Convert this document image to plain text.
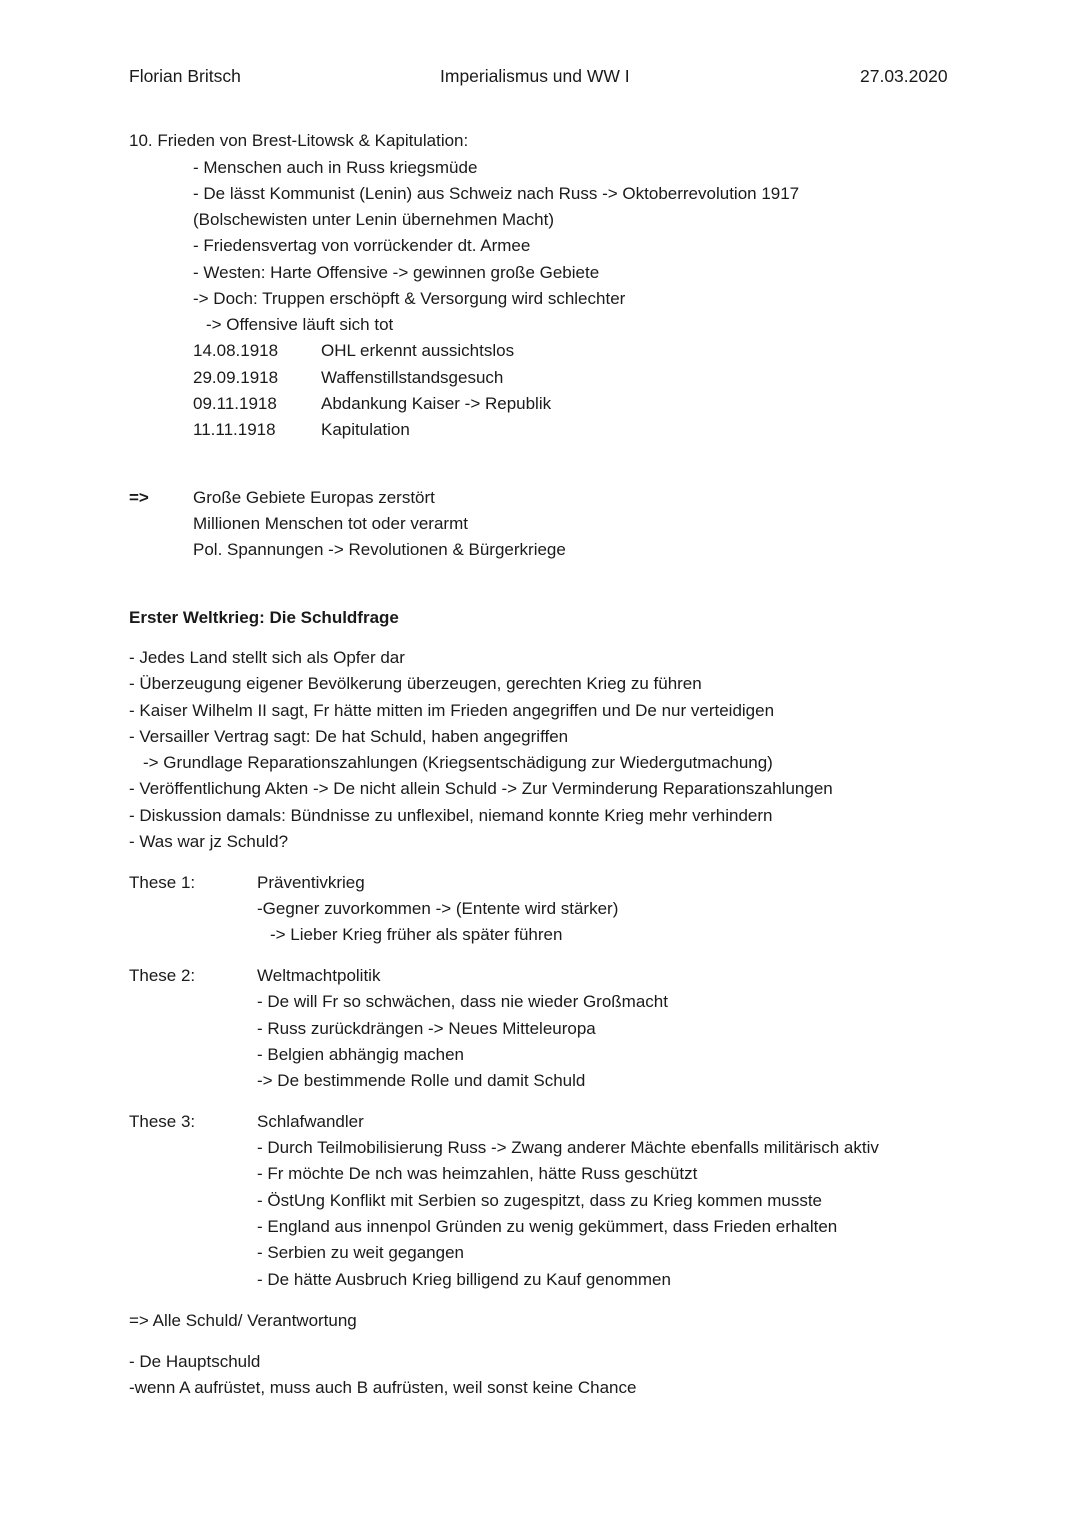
Florian Britsch	Imperialismus und WW I	27.03.2020
10. Frieden von Brest-Litowsk & Kapitulation:
- Menschen auch in Russ kriegsmüde
- De lässt Kommunist (Lenin) aus Schweiz nach Russ -> Oktoberrevolution 1917
(Bolschewisten unter Lenin übernehmen Macht)
- Friedensvertag von vorrückender dt. Armee
- Westen: Harte Offensive -> gewinnen große Gebiete
-> Doch: Truppen erschöpft & Versorgung wird schlechter
-> Offensive läuft sich tot
14.08.1918	OHL erkennt aussichtslos
29.09.1918	Waffenstillstandsgesuch
09.11.1918	Abdankung Kaiser -> Republik
11.11.1918	Kapitulation
=>	Große Gebiete Europas zerstört
Millionen Menschen tot oder verarmt
Pol. Spannungen -> Revolutionen & Bürgerkriege
Erster Weltkrieg: Die Schuldfrage
- Jedes Land stellt sich als Opfer dar
- Überzeugung eigener Bevölkerung überzeugen, gerechten Krieg zu führen
- Kaiser Wilhelm II sagt, Fr hätte mitten im Frieden angegriffen und De nur verteidigen
- Versailler Vertrag sagt: De hat Schuld, haben angegriffen
-> Grundlage Reparationszahlungen (Kriegsentschädigung zur Wiedergutmachung)
- Veröffentlichung Akten -> De nicht allein Schuld -> Zur Verminderung Reparationszahlungen
- Diskussion damals: Bündnisse zu unflexibel, niemand konnte Krieg mehr verhindern
- Was war jz Schuld?
These 1:	Präventivkrieg
-Gegner zuvorkommen -> (Entente wird stärker)
-> Lieber Krieg früher als später führen
These 2:	Weltmachtpolitik
- De will Fr so schwächen, dass nie wieder Großmacht
- Russ zurückdrängen -> Neues Mitteleuropa
- Belgien abhängig machen
-> De bestimmende Rolle und damit Schuld
These 3:	Schlafwandler
- Durch Teilmobilisierung Russ -> Zwang anderer Mächte ebenfalls militärisch aktiv
- Fr möchte De nch was heimzahlen, hätte Russ geschützt
- ÖstUng Konflikt mit Serbien so zugespitzt, dass zu Krieg kommen musste
- England aus innenpol Gründen zu wenig gekümmert, dass Frieden erhalten
- Serbien zu weit gegangen
- De hätte Ausbruch Krieg billigend zu Kauf genommen
=> Alle Schuld/ Verantwortung
- De Hauptschuld
-wenn A aufrüstet, muss auch B aufrüsten, weil sonst keine Chance
